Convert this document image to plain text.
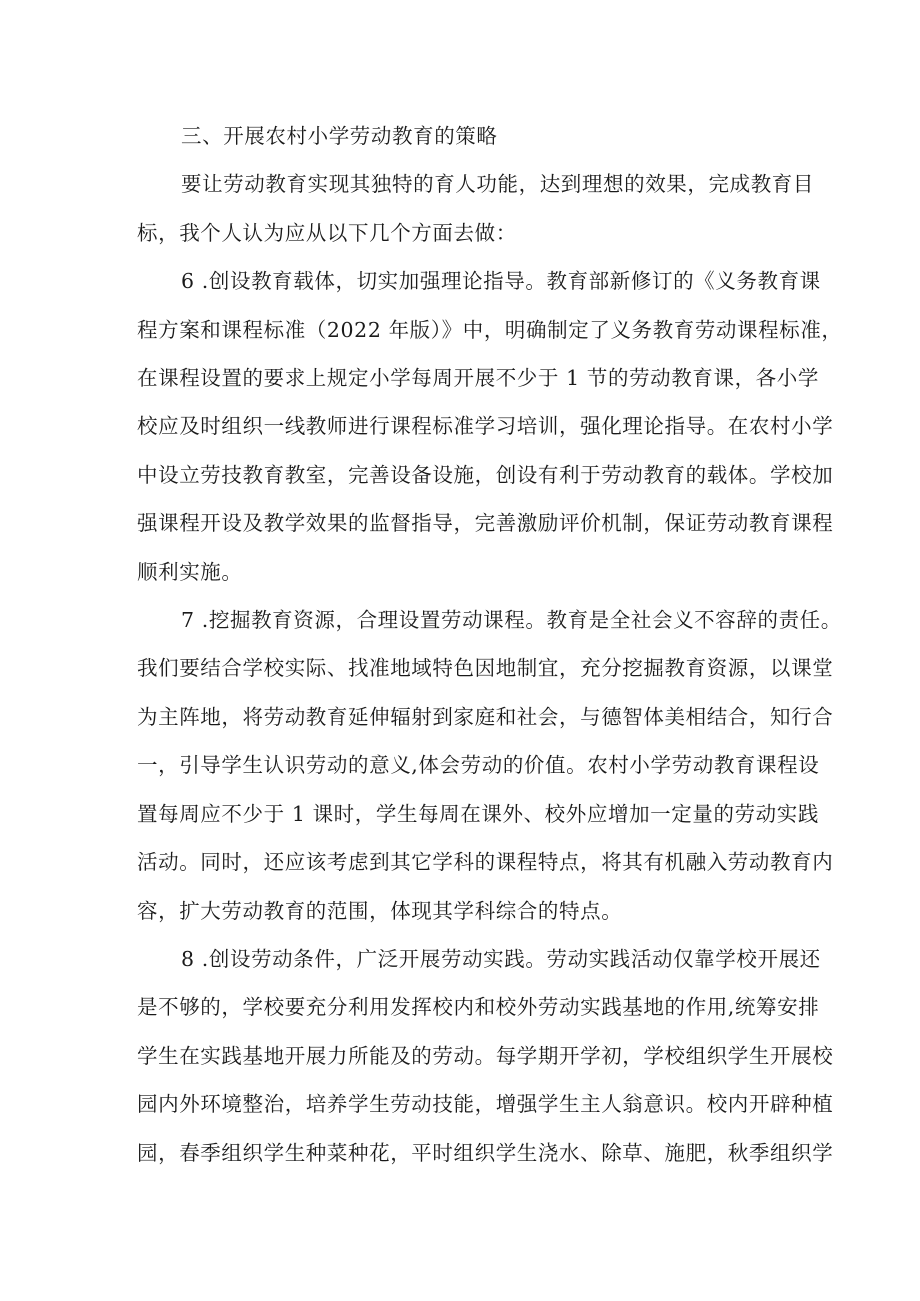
三、开展农村小学劳动教育的策略

要让劳动教育实现其独特的育人功能，达到理想的效果，完成教育目
标，我个人认为应从以下几个方面去做：

6 .创设教育载体，切实加强理论指导。教育部新修订的《义务教育课
程方案和课程标准（2022 年版）》中，明确制定了义务教育劳动课程标准，
在课程设置的要求上规定小学每周开展不少于 1 节的劳动教育课，各小学
校应及时组织一线教师进行课程标准学习培训，强化理论指导。在农村小学
中设立劳技教育教室，完善设备设施，创设有利于劳动教育的载体。学校加
强课程开设及教学效果的监督指导，完善激励评价机制，保证劳动教育课程
顺利实施。

7 .挖掘教育资源，合理设置劳动课程。教育是全社会义不容辞的责任。
我们要结合学校实际、找准地域特色因地制宜，充分挖掘教育资源，以课堂
为主阵地，将劳动教育延伸辐射到家庭和社会，与德智体美相结合，知行合
一，引导学生认识劳动的意义,体会劳动的价值。农村小学劳动教育课程设
置每周应不少于 1 课时，学生每周在课外、校外应增加一定量的劳动实践
活动。同时，还应该考虑到其它学科的课程特点，将其有机融入劳动教育内
容，扩大劳动教育的范围，体现其学科综合的特点。

8 .创设劳动条件，广泛开展劳动实践。劳动实践活动仅靠学校开展还
是不够的，学校要充分利用发挥校内和校外劳动实践基地的作用,统筹安排
学生在实践基地开展力所能及的劳动。每学期开学初，学校组织学生开展校
园内外环境整治，培养学生劳动技能，增强学生主人翁意识。校内开辟种植
园，春季组织学生种菜种花，平时组织学生浇水、除草、施肥，秋季组织学
